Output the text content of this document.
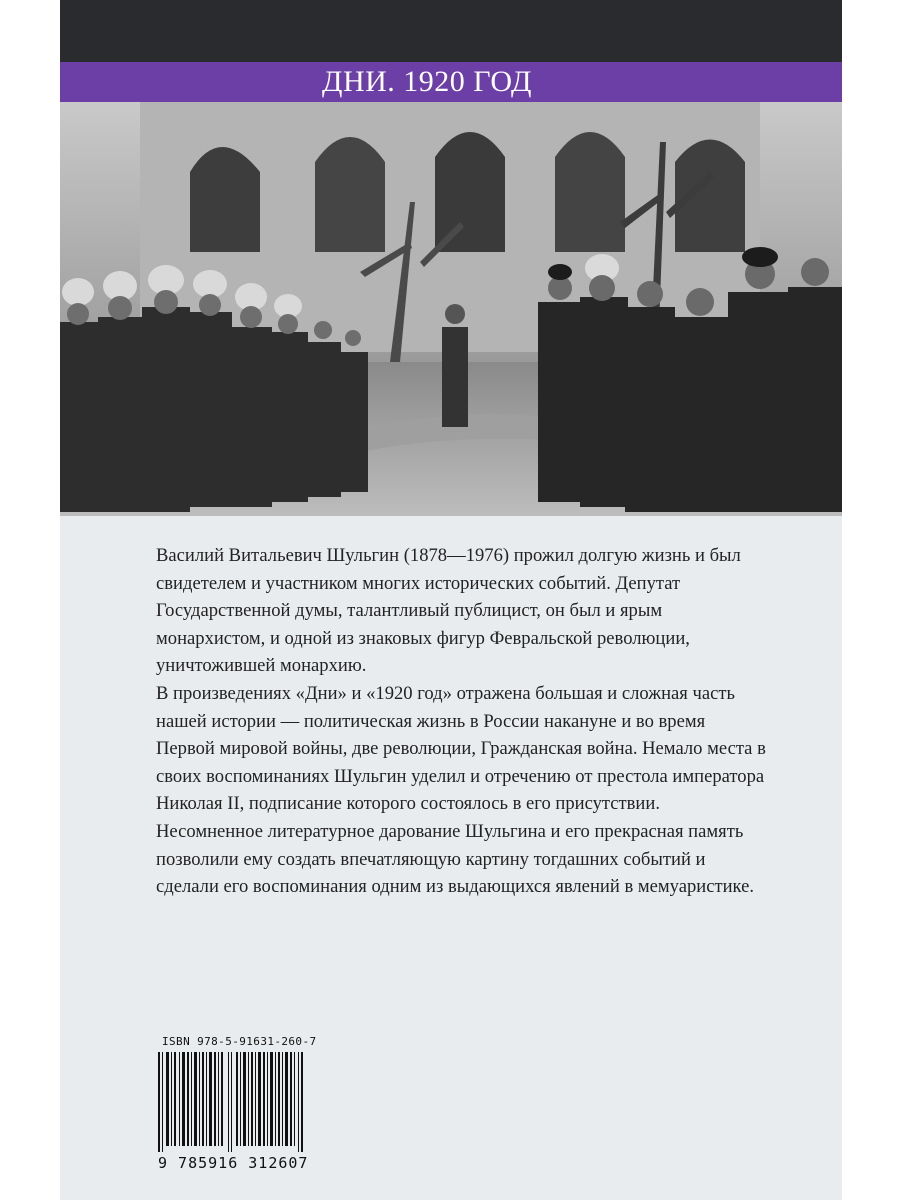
ДНИ. 1920 ГОД

Василий Витальевич Шульгин (1878—1976) прожил долгую жизнь и был свидетелем и участником многих исторических событий. Депутат Государственной думы, талантливый публицист, он был и ярым монархистом, и одной из знаковых фигур Февральской революции, уничтожившей монархию.

В произведениях «Дни» и «1920 год» отражена большая и сложная часть нашей истории — политическая жизнь в России накануне и во время Первой мировой войны, две революции, Гражданская война. Немало места в своих воспоминаниях Шульгин уделил и отречению от престола императора Николая II, подписание которого состоялось в его присутствии.

Несомненное литературное дарование Шульгина и его прекрасная память позволили ему создать впечатляющую картину тогдашних событий и сделали его воспоминания одним из выдающихся явлений в мемуаристике.

ISBN 978-5-91631-260-7
9 785916 312607
